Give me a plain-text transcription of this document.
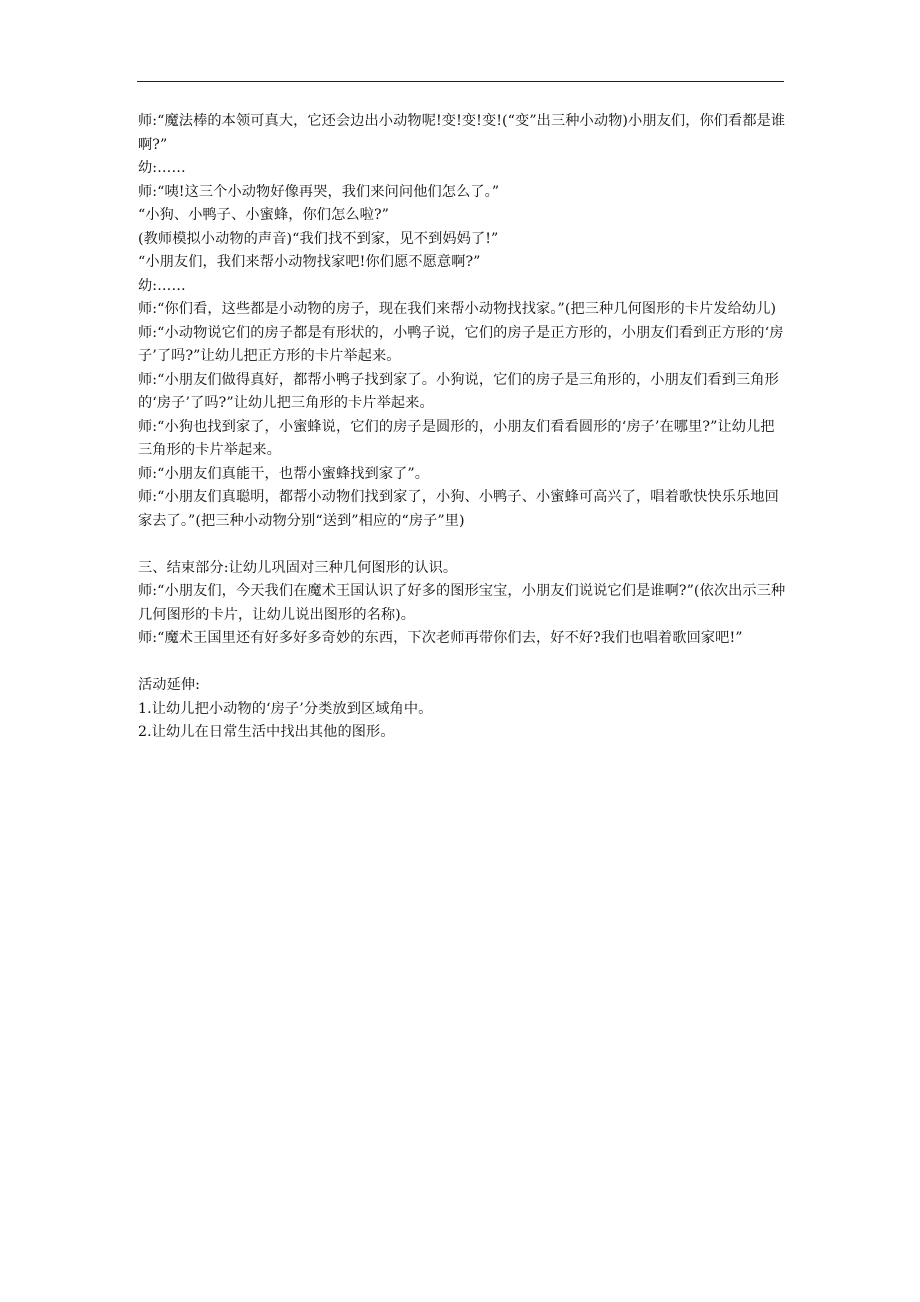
师:“魔法棒的本领可真大，它还会边出小动物呢!变!变!变!(“变”出三种小动物)小朋友们，你们看都是谁啊?”

幼:……

师:“咦!这三个小动物好像再哭，我们来问问他们怎么了。”

“小狗、小鸭子、小蜜蜂，你们怎么啦?”

(教师模拟小动物的声音)“我们找不到家，见不到妈妈了!”

“小朋友们，我们来帮小动物找家吧!你们愿不愿意啊?”

幼:……

师:“你们看，这些都是小动物的房子，现在我们来帮小动物找找家。”(把三种几何图形的卡片发给幼儿)

师:“小动物说它们的房子都是有形状的，小鸭子说，它们的房子是正方形的，小朋友们看到正方形的‘房子’了吗?”让幼儿把正方形的卡片举起来。

师:“小朋友们做得真好，都帮小鸭子找到家了。小狗说，它们的房子是三角形的，小朋友们看到三角形的‘房子’了吗?”让幼儿把三角形的卡片举起来。

师:“小狗也找到家了，小蜜蜂说，它们的房子是圆形的，小朋友们看看圆形的‘房子’在哪里?”让幼儿把三角形的卡片举起来。

师:“小朋友们真能干，也帮小蜜蜂找到家了”。

师:“小朋友们真聪明，都帮小动物们找到家了，小狗、小鸭子、小蜜蜂可高兴了，唱着歌快快乐乐地回家去了。”(把三种小动物分别“送到”相应的“房子”里)

三、结束部分:让幼儿巩固对三种几何图形的认识。

师:“小朋友们，今天我们在魔术王国认识了好多的图形宝宝，小朋友们说说它们是谁啊?”(依次出示三种几何图形的卡片，让幼儿说出图形的名称)。

师:“魔术王国里还有好多好多奇妙的东西，下次老师再带你们去，好不好?我们也唱着歌回家吧!”

活动延伸:

1.让幼儿把小动物的‘房子’分类放到区域角中。

2.让幼儿在日常生活中找出其他的图形。
